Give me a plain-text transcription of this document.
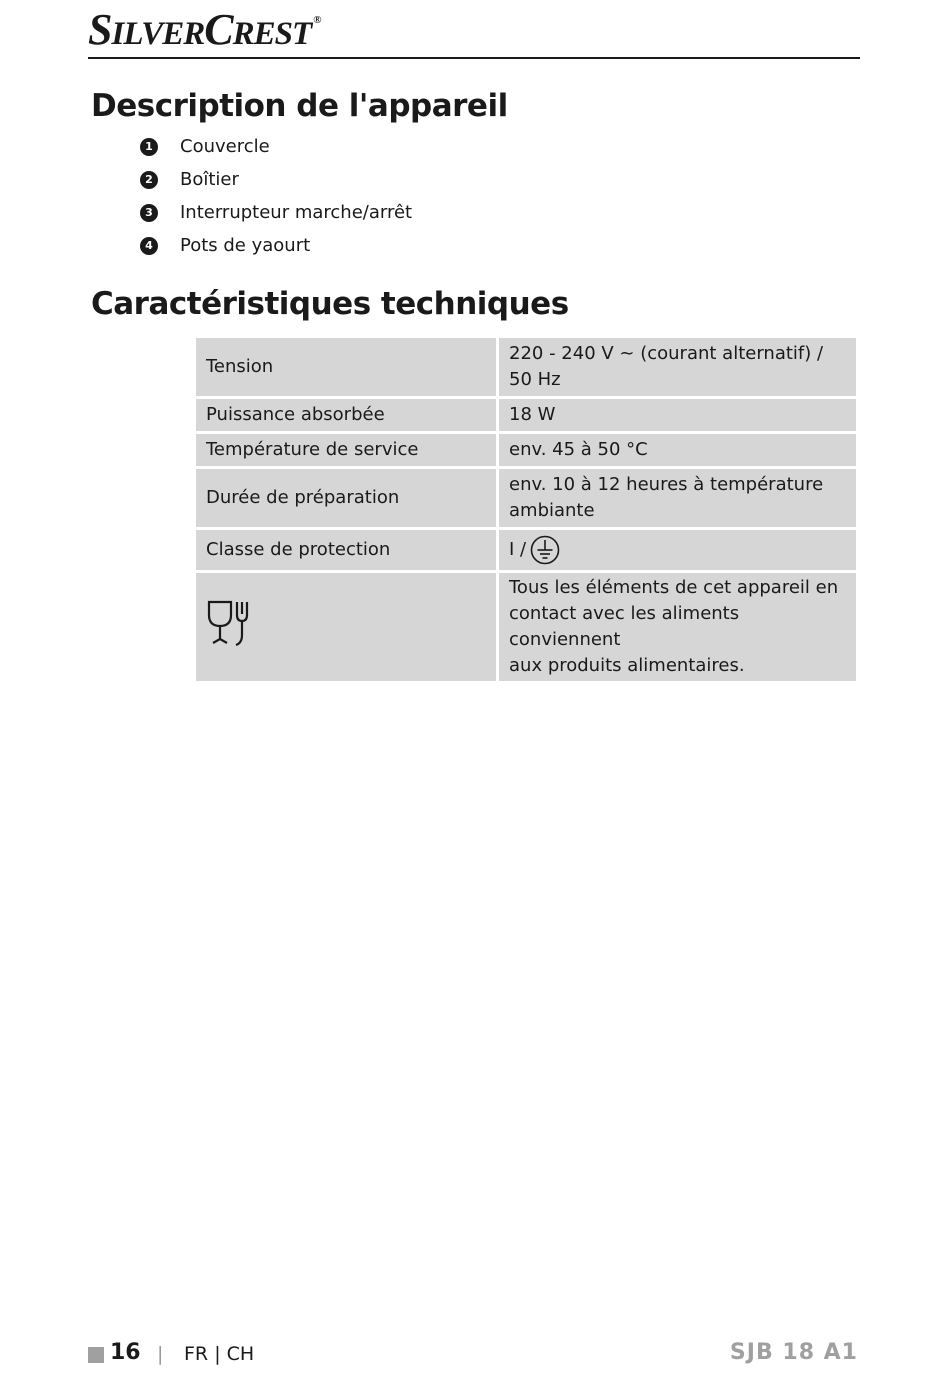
SILVERCREST ®
Description de l'appareil
1 Couvercle
2 Boîtier
3 Interrupteur marche/arrêt
4 Pots de yaourt
Caractéristiques techniques
Tension	220 - 240 V ~ (courant alternatif) /
50 Hz
Puissance absorbée	18 W
Température de service	env. 45 à 50 °C
Durée de préparation	env. 10 à 12 heures à température
ambiante
Classe de protection	I /
	Tous les éléments de cet appareil en
contact avec les aliments conviennent
aux produits alimentaires.
16 | FR | CH	SJB 18 A1
